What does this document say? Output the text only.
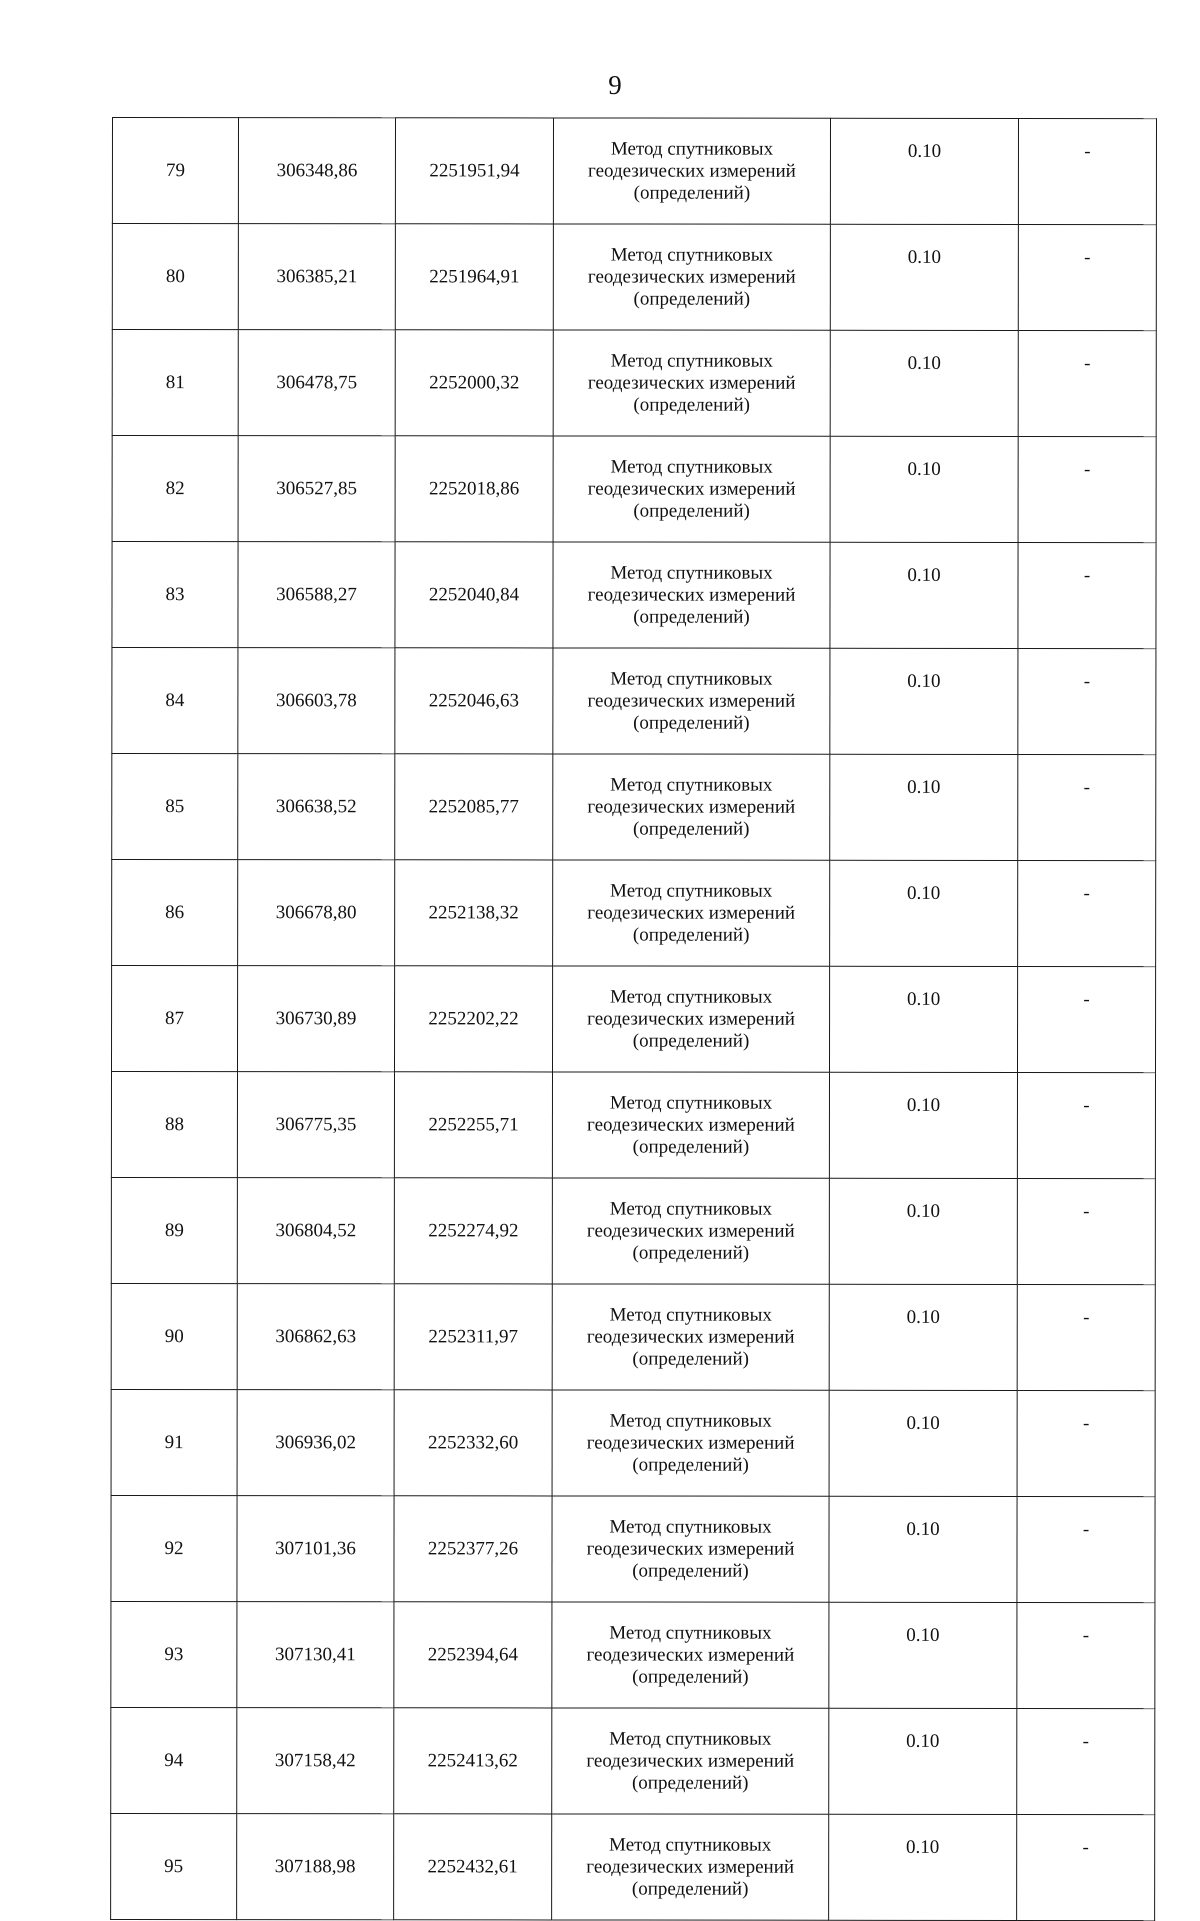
9
79	306348,86	2251951,94	Метод спутниковых геодезических измерений (определений)	0.10	-
80	306385,21	2251964,91	Метод спутниковых геодезических измерений (определений)	0.10	-
81	306478,75	2252000,32	Метод спутниковых геодезических измерений (определений)	0.10	-
82	306527,85	2252018,86	Метод спутниковых геодезических измерений (определений)	0.10	-
83	306588,27	2252040,84	Метод спутниковых геодезических измерений (определений)	0.10	-
84	306603,78	2252046,63	Метод спутниковых геодезических измерений (определений)	0.10	-
85	306638,52	2252085,77	Метод спутниковых геодезических измерений (определений)	0.10	-
86	306678,80	2252138,32	Метод спутниковых геодезических измерений (определений)	0.10	-
87	306730,89	2252202,22	Метод спутниковых геодезических измерений (определений)	0.10	-
88	306775,35	2252255,71	Метод спутниковых геодезических измерений (определений)	0.10	-
89	306804,52	2252274,92	Метод спутниковых геодезических измерений (определений)	0.10	-
90	306862,63	2252311,97	Метод спутниковых геодезических измерений (определений)	0.10	-
91	306936,02	2252332,60	Метод спутниковых геодезических измерений (определений)	0.10	-
92	307101,36	2252377,26	Метод спутниковых геодезических измерений (определений)	0.10	-
93	307130,41	2252394,64	Метод спутниковых геодезических измерений (определений)	0.10	-
94	307158,42	2252413,62	Метод спутниковых геодезических измерений (определений)	0.10	-
95	307188,98	2252432,61	Метод спутниковых геодезических измерений (определений)	0.10	-
